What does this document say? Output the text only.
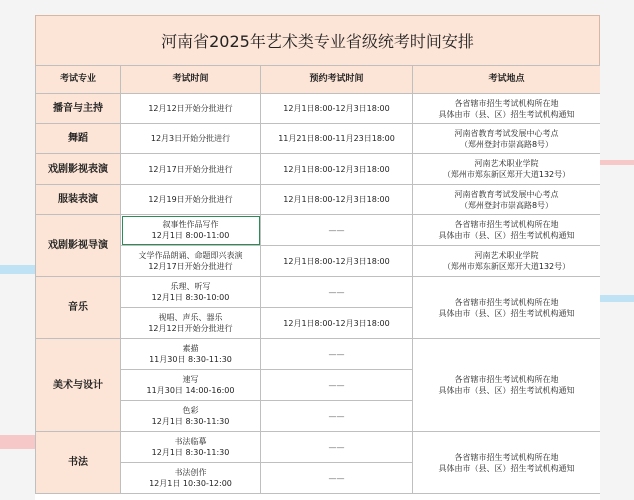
河南省2025年艺术类专业省级统考时间安排
考试专业	考试时间	预约考试时间	考试地点
播音与主持	12月12日开始分批进行	12月1日8:00-12月3日18:00	各省辖市招生考试机构所在地
具体由市（县、区）招生考试机构通知

舞蹈	12月3日开始分批进行	11月21日8:00-11月23日18:00	河南省教育考试发展中心考点
（郑州登封市崇高路8号）

戏剧影视表演	12月17日开始分批进行	12月1日8:00-12月3日18:00	河南艺术职业学院
（郑州市郑东新区郑开大道132号）

服装表演	12月19日开始分批进行	12月1日8:00-12月3日18:00	河南省教育考试发展中心考点
（郑州登封市崇高路8号）

戏剧影视导演	叙事性作品写作
12月1日 8:00-11:00	——	各省辖市招生考试机构所在地
具体由市（县、区）招生考试机构通知

	文学作品朗诵、命题即兴表演
12月17日开始分批进行	12月1日8:00-12月3日18:00	河南艺术职业学院
（郑州市郑东新区郑开大道132号）

音乐	乐理、听写
12月1日 8:30-10:00	——	各省辖市招生考试机构所在地
具体由市（县、区）招生考试机构通知

	视唱、声乐、器乐
12月12日开始分批进行	12月1日8:00-12月3日18:00	
美术与设计	素描
11月30日 8:30-11:30	——	各省辖市招生考试机构所在地
具体由市（县、区）招生考试机构通知

	速写
11月30日 14:00-16:00	——	

	色彩
12月1日 8:30-11:30	——	
书法	书法临摹
12月1日 8:30-11:30	——	各省辖市招生考试机构所在地
具体由市（县、区）招生考试机构通知

	书法创作
12月1日 10:30-12:00	——	
